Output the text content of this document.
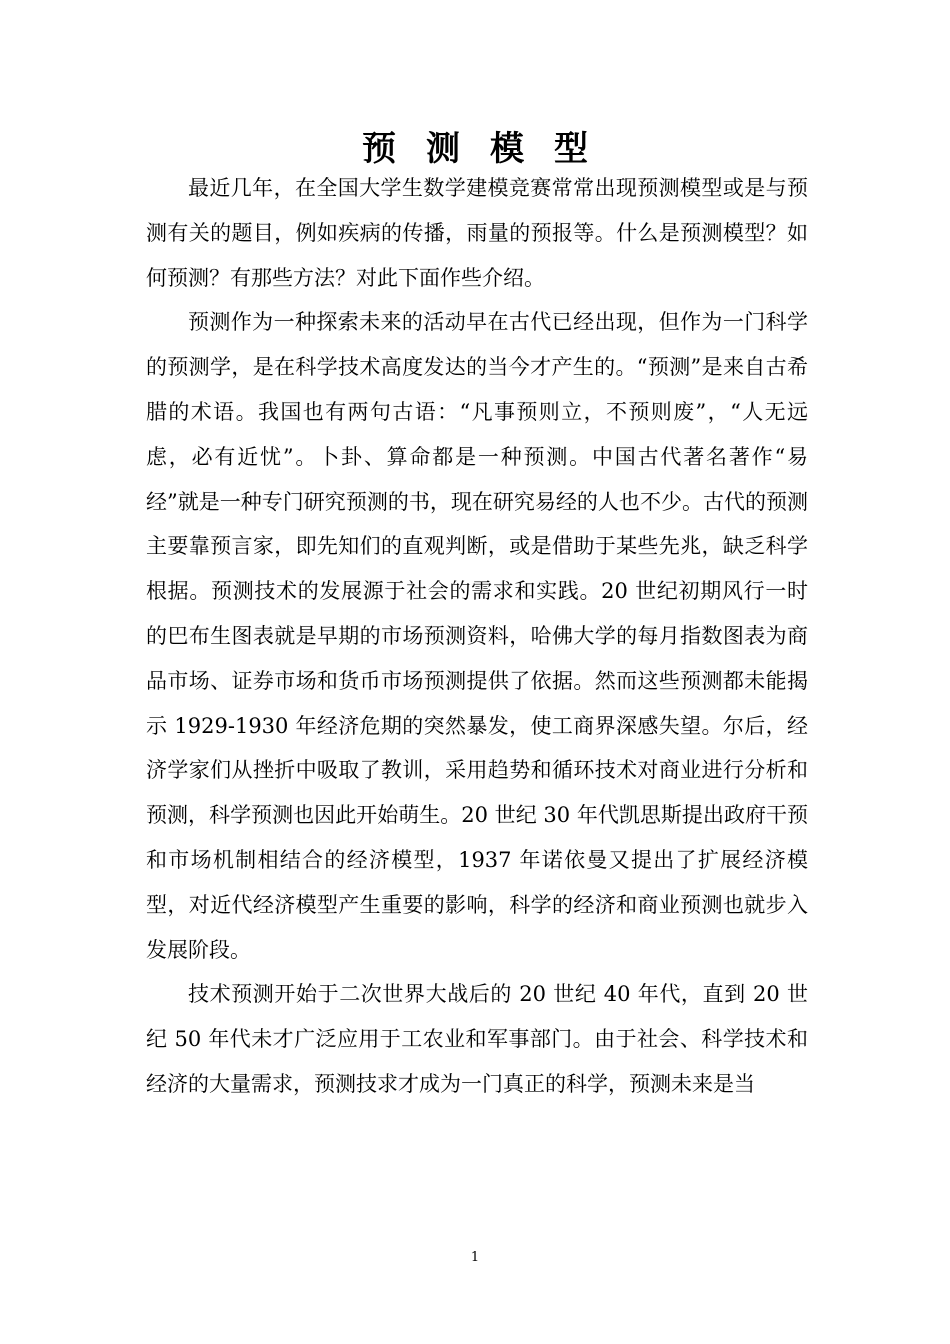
预测模型

最近几年，在全国大学生数学建模竞赛常常出现预测模型或是与预测有关的题目，例如疾病的传播，雨量的预报等。什么是预测模型？如何预测？有那些方法？对此下面作些介绍。

预测作为一种探索未来的活动早在古代已经出现，但作为一门科学的预测学，是在科学技术高度发达的当今才产生的。“预测”是来自古希腊的术语。我国也有两句古语：“凡事预则立，不预则废”，“人无远虑，必有近忧”。卜卦、算命都是一种预测。中国古代著名著作“易经”就是一种专门研究预测的书，现在研究易经的人也不少。古代的预测主要靠预言家，即先知们的直观判断，或是借助于某些先兆，缺乏科学根据。预测技术的发展源于社会的需求和实践。20 世纪初期风行一时的巴布生图表就是早期的市场预测资料，哈佛大学的每月指数图表为商品市场、证券市场和货币市场预测提供了依据。然而这些预测都未能揭示 1929-1930 年经济危期的突然暴发，使工商界深感失望。尔后，经济学家们从挫折中吸取了教训，采用趋势和循环技术对商业进行分析和预测，科学预测也因此开始萌生。20 世纪 30 年代凯思斯提出政府干预和市场机制相结合的经济模型，1937 年诺依曼又提出了扩展经济模型，对近代经济模型产生重要的影响，科学的经济和商业预测也就步入发展阶段。

技术预测开始于二次世界大战后的 20 世纪 40 年代，直到 20 世纪 50 年代未才广泛应用于工农业和军事部门。由于社会、科学技术和经济的大量需求，预测技求才成为一门真正的科学，预测未来是当

1
